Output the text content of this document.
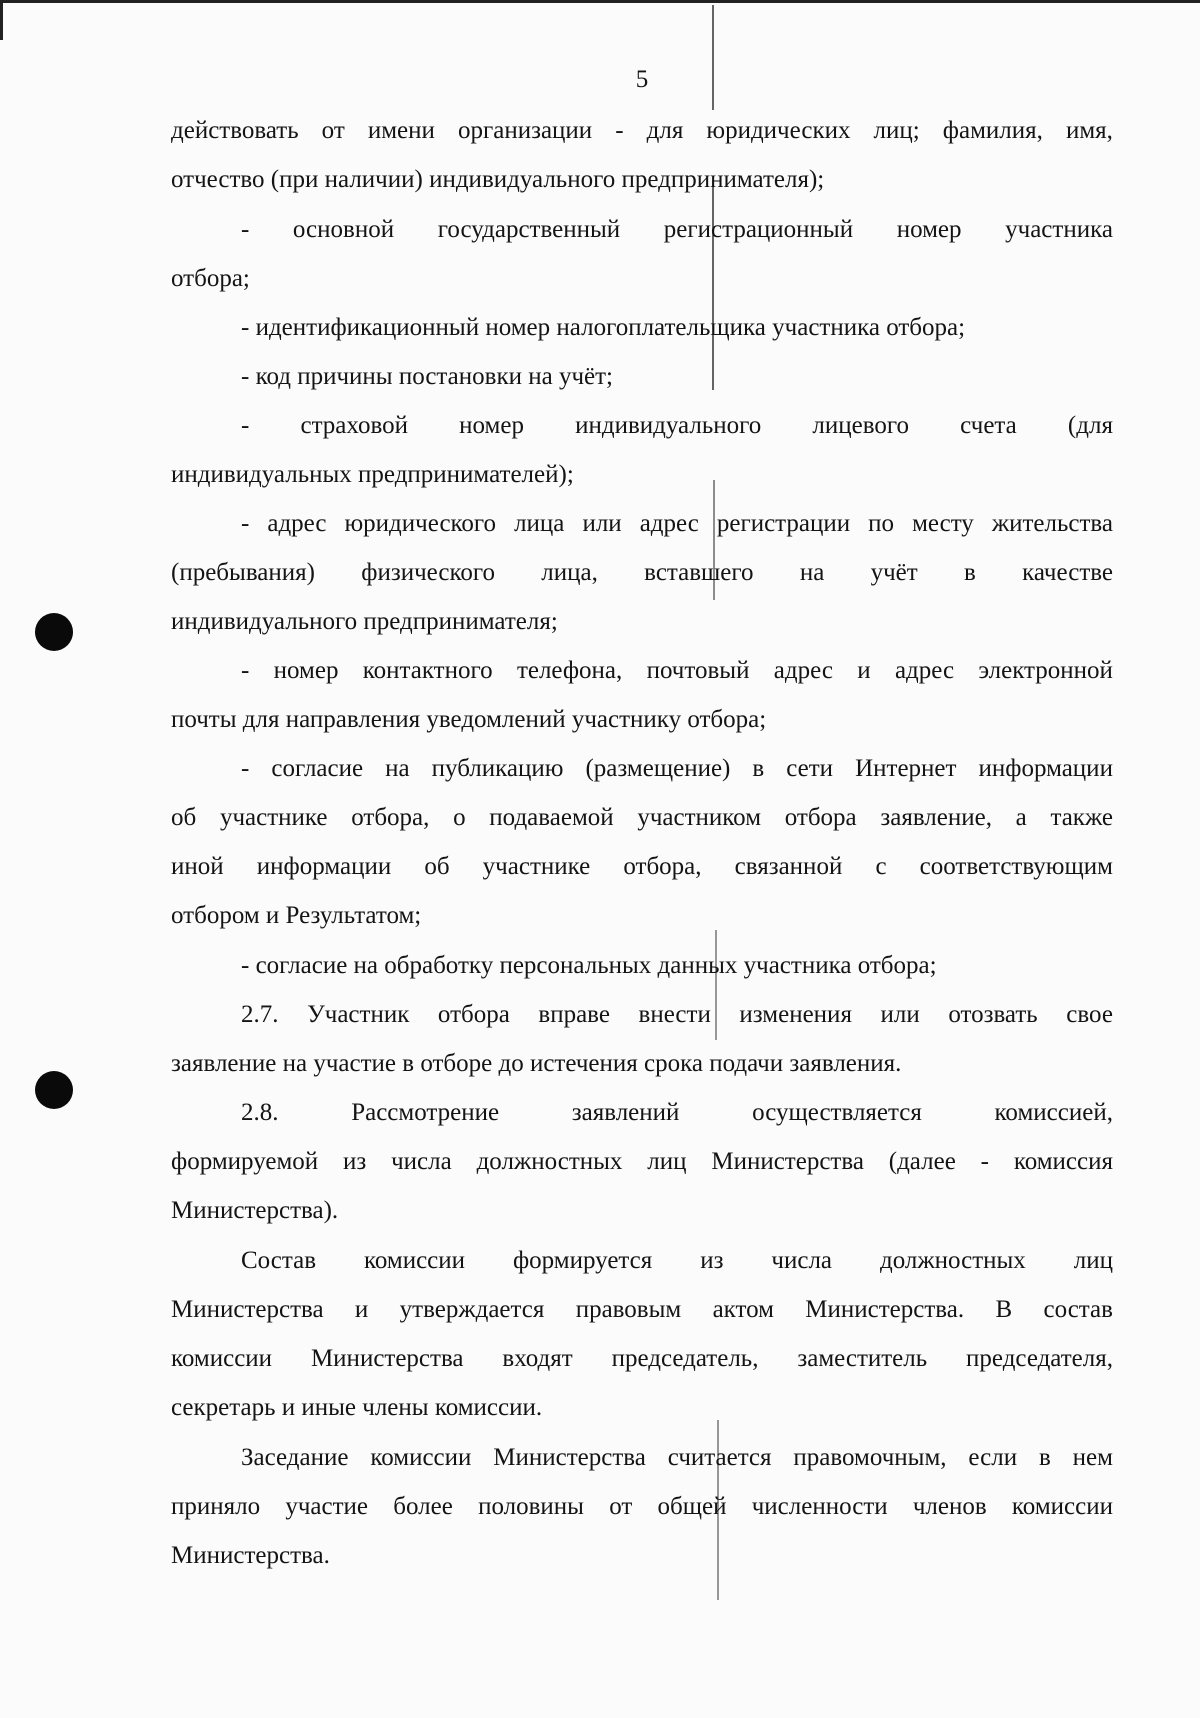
5
действовать от имени организации - для юридических лиц; фамилия, имя,
отчество (при наличии) индивидуального предпринимателя);
- основной государственный регистрационный номер участника
отбора;
- идентификационный номер налогоплательщика участника отбора;
- код причины постановки на учёт;
- страховой номер индивидуального лицевого счета (для
индивидуальных предпринимателей);
- адрес юридического лица или адрес регистрации по месту жительства
(пребывания) физического лица, вставшего на учёт в качестве
индивидуального предпринимателя;
- номер контактного телефона, почтовый адрес и адрес электронной
почты для направления уведомлений участнику отбора;
- согласие на публикацию (размещение) в сети Интернет информации
об участнике отбора, о подаваемой участником отбора заявление, а также
иной информации об участнике отбора, связанной с соответствующим
отбором и Результатом;
- согласие на обработку персональных данных участника отбора;
2.7. Участник отбора вправе внести изменения или отозвать свое
заявление на участие в отборе до истечения срока подачи заявления.
2.8.	Рассмотрение	заявлений	осуществляется	комиссией,
формируемой из числа должностных лиц Министерства (далее - комиссия
Министерства).
Состав комиссии формируется из числа должностных лиц
Министерства и утверждается правовым актом Министерства. В состав
комиссии Министерства входят председатель, заместитель председателя,
секретарь и иные члены комиссии.
Заседание комиссии Министерства считается правомочным, если в нем
приняло участие более половины от общей численности членов комиссии
Министерства.
